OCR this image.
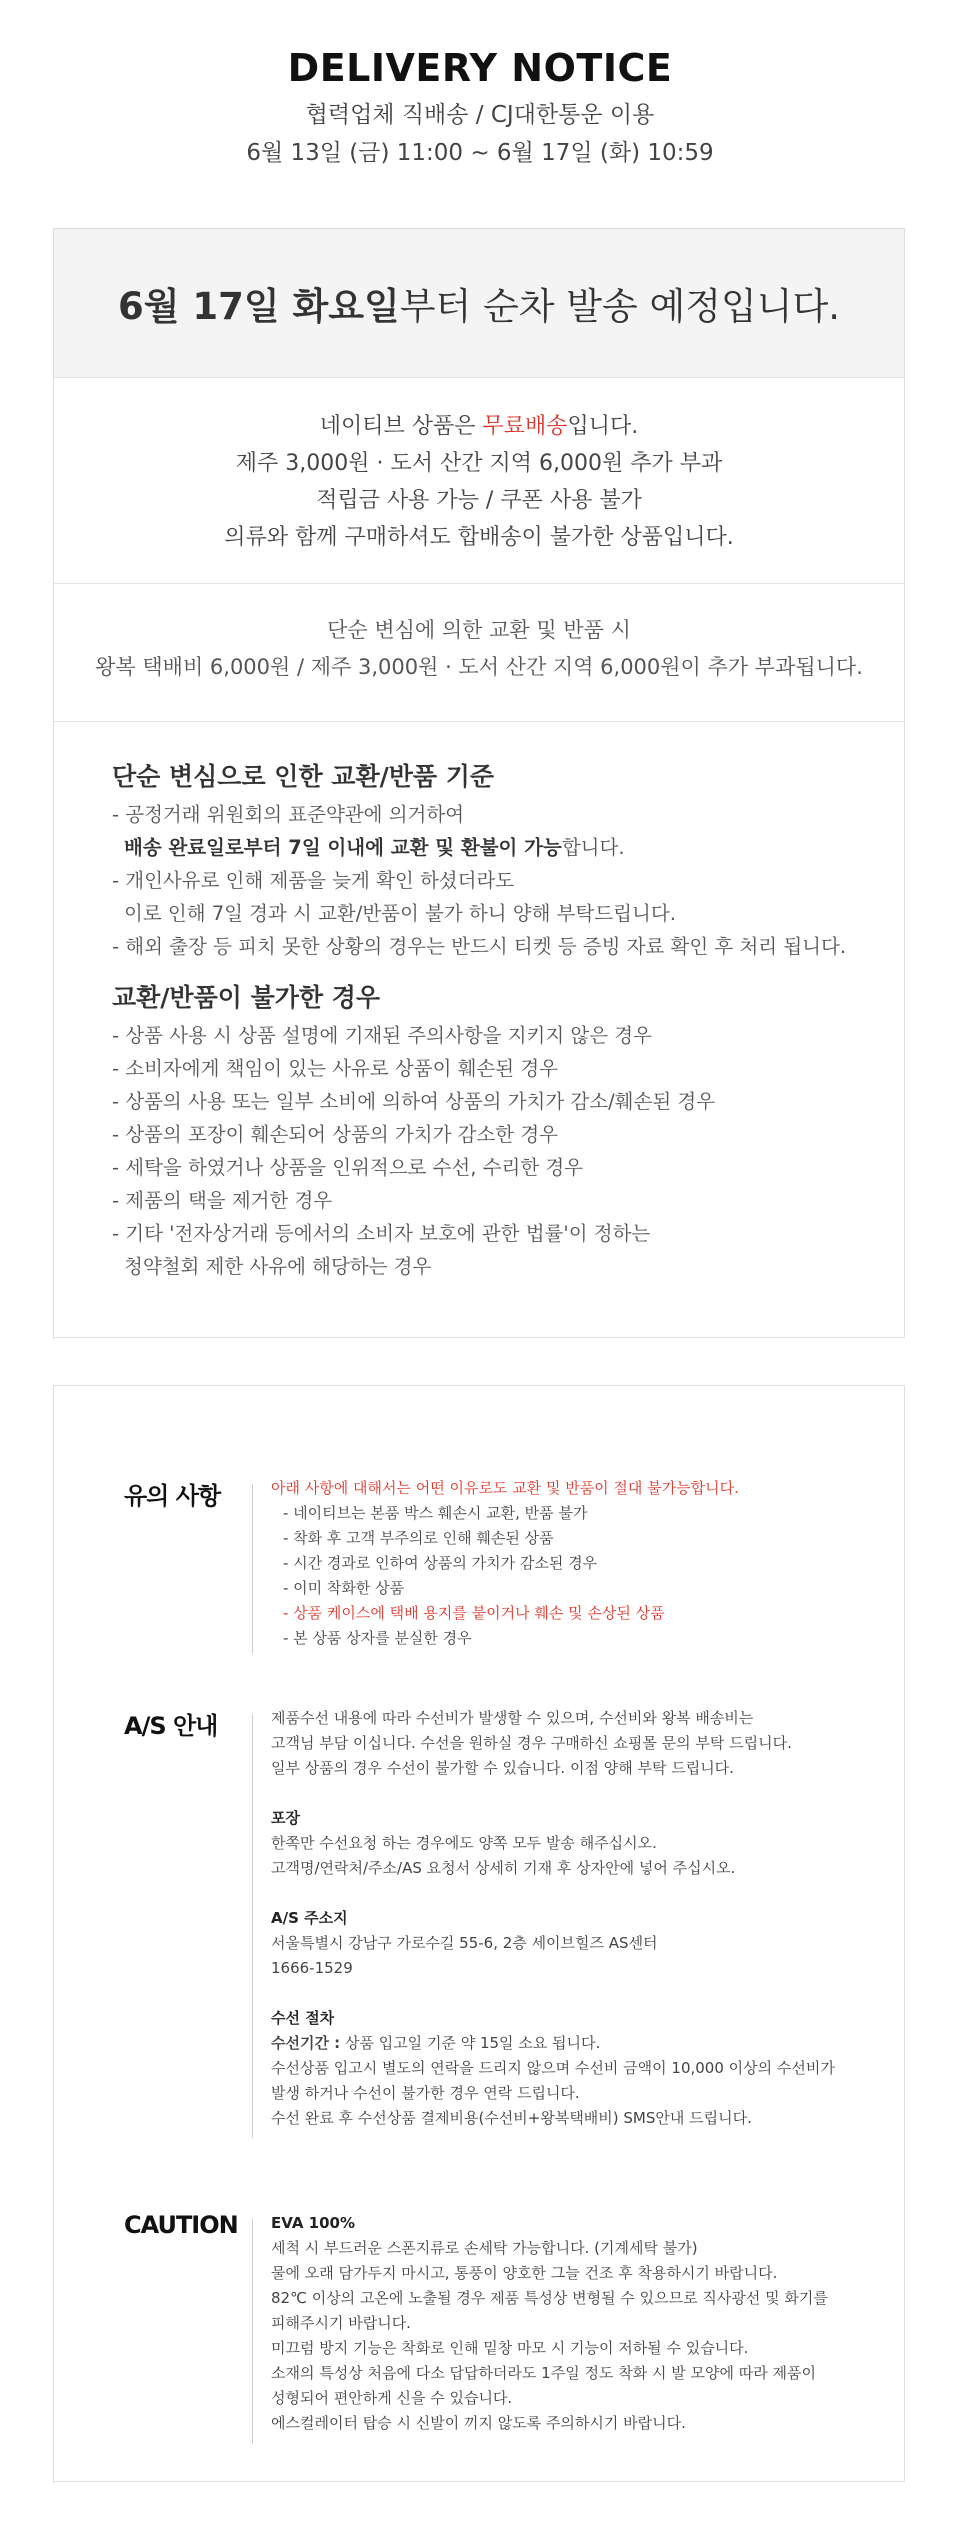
DELIVERY NOTICE

협력업체 직배송 / CJ대한통운 이용

6월 13일 (금) 11:00 ~ 6월 17일 (화) 10:59

6월 17일 화요일 부터 순차 발송 예정입니다.

네이티브 상품은 무료배송입니다.

제주 3,000원 · 도서 산간 지역 6,000원 추가 부과

적립금 사용 가능 / 쿠폰 사용 불가

의류와 함께 구매하셔도 합배송이 불가한 상품입니다.

단순 변심에 의한 교환 및 반품 시

왕복 택배비 6,000원 / 제주 3,000원 · 도서 산간 지역 6,000원이 추가 부과됩니다.

단순 변심으로 인한 교환/반품 기준
- 공정거래 위원회의 표준약관에 의거하여
배송 완료일로부터 7일 이내에 교환 및 환불이 가능합니다.
- 개인사유로 인해 제품을 늦게 확인 하셨더라도
이로 인해 7일 경과 시 교환/반품이 불가 하니 양해 부탁드립니다.
- 해외 출장 등 피치 못한 상황의 경우는 반드시 티켓 등 증빙 자료 확인 후 처리 됩니다.
교환/반품이 불가한 경우
- 상품 사용 시 상품 설명에 기재된 주의사항을 지키지 않은 경우
- 소비자에게 책임이 있는 사유로 상품이 훼손된 경우
- 상품의 사용 또는 일부 소비에 의하여 상품의 가치가 감소/훼손된 경우
- 상품의 포장이 훼손되어 상품의 가치가 감소한 경우
- 세탁을 하였거나 상품을 인위적으로 수선, 수리한 경우
- 제품의 택을 제거한 경우
- 기타 '전자상거래 등에서의 소비자 보호에 관한 법률'이 정하는
청약철회 제한 사유에 해당하는 경우
유의 사항	아래 사항에 대해서는 어떤 이유로도 교환 및 반품이 절대 불가능합니다.
- 네이티브는 본품 박스 훼손시 교환, 반품 불가
- 착화 후 고객 부주의로 인해 훼손된 상품
- 시간 경과로 인하여 상품의 가치가 감소된 경우
- 이미 착화한 상품
- 상품 케이스에 택배 용지를 붙이거나 훼손 및 손상된 상품
- 본 상품 상자를 분실한 경우
A/S 안내	제품수선 내용에 따라 수선비가 발생할 수 있으며, 수선비와 왕복 배송비는
고객님 부담 이십니다. 수선을 원하실 경우 구매하신 쇼핑몰 문의 부탁 드립니다.
일부 상품의 경우 수선이 불가할 수 있습니다. 이점 양해 부탁 드립니다.
포장
한쪽만 수선요청 하는 경우에도 양쪽 모두 발송 해주십시오.
고객명/연락처/주소/AS 요청서 상세히 기재 후 상자안에 넣어 주십시오.
A/S 주소지
서울특별시 강남구 가로수길 55-6, 2층 세이브힐즈 AS센터
1666-1529
수선 절차
수선기간 : 상품 입고일 기준 약 15일 소요 됩니다.
수선상품 입고시 별도의 연락을 드리지 않으며 수선비 금액이 10,000 이상의 수선비가
발생 하거나 수선이 불가한 경우 연락 드립니다.
수선 완료 후 수선상품 결제비용(수선비+왕복택배비) SMS안내 드립니다.
CAUTION EVA 100%
세척 시 부드러운 스폰지류로 손세탁 가능합니다. (기계세탁 불가)
물에 오래 담가두지 마시고, 통풍이 양호한 그늘 건조 후 착용하시기 바랍니다.
82℃ 이상의 고온에 노출될 경우 제품 특성상 변형될 수 있으므로 직사광선 및 화기를
피해주시기 바랍니다.
미끄럼 방지 기능은 착화로 인해 밑창 마모 시 기능이 저하될 수 있습니다.
소재의 특성상 처음에 다소 답답하더라도 1주일 정도 착화 시 발 모양에 따라 제품이
성형되어 편안하게 신을 수 있습니다.
에스컬레이터 탑승 시 신발이 끼지 않도록 주의하시기 바랍니다.
